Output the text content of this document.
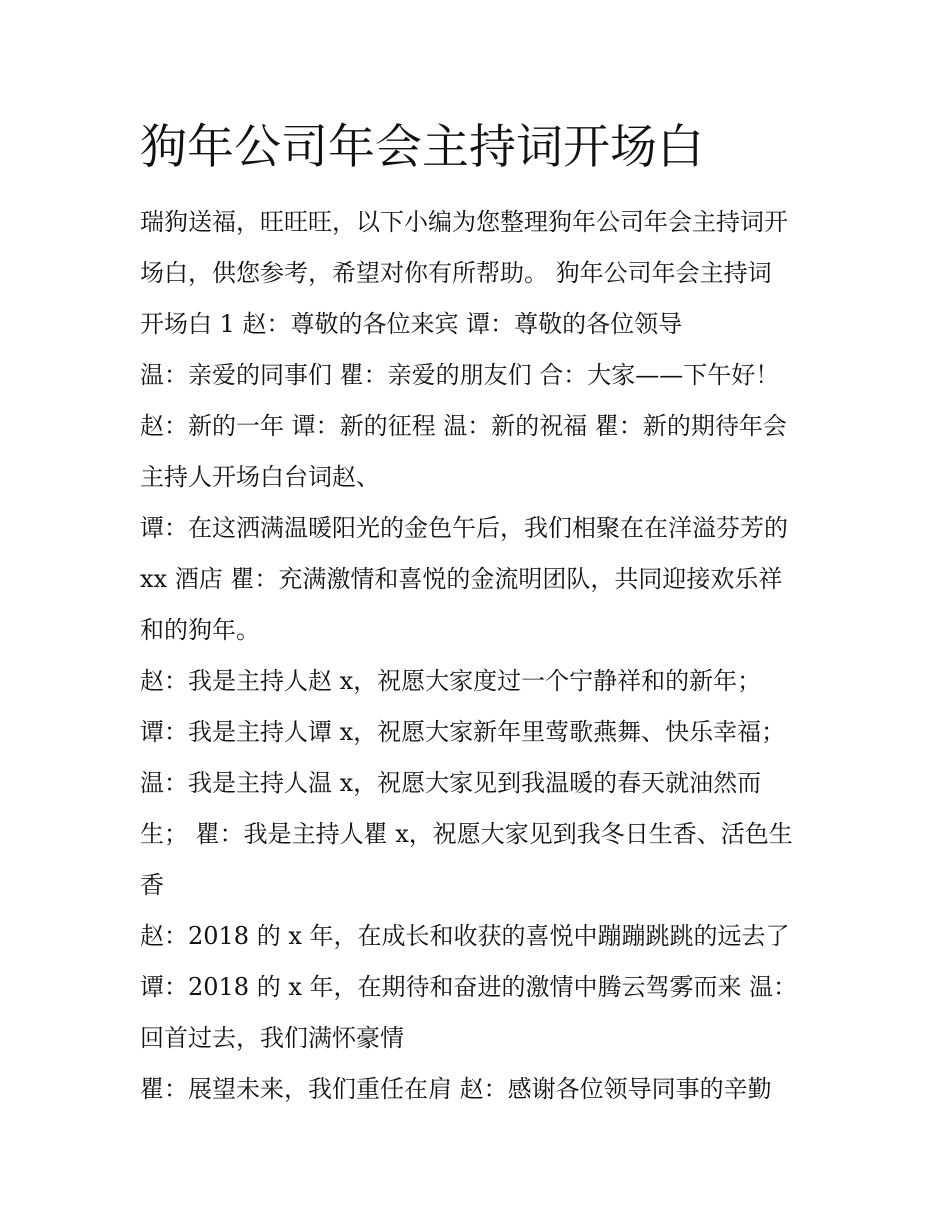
狗年公司年会主持词开场白
瑞狗送福，旺旺旺，以下小编为您整理狗年公司年会主持词开
场白，供您参考，希望对你有所帮助。 狗年公司年会主持词
开场白 1 赵：尊敬的各位来宾 谭：尊敬的各位领导
温：亲爱的同事们 瞿：亲爱的朋友们 合：大家——下午好！
赵：新的一年 谭：新的征程 温：新的祝福 瞿：新的期待年会
主持人开场白台词赵、
谭：在这洒满温暖阳光的金色午后，我们相聚在在洋溢芬芳的
xx 酒店 瞿：充满激情和喜悦的金流明团队，共同迎接欢乐祥
和的狗年。
赵：我是主持人赵 x，祝愿大家度过一个宁静祥和的新年；
谭：我是主持人谭 x，祝愿大家新年里莺歌燕舞、快乐幸福；
温：我是主持人温 x，祝愿大家见到我温暖的春天就油然而
生； 瞿：我是主持人瞿 x，祝愿大家见到我冬日生香、活色生
香
赵：2018 的 x 年，在成长和收获的喜悦中蹦蹦跳跳的远去了
谭：2018 的 x 年，在期待和奋进的激情中腾云驾雾而来 温：
回首过去，我们满怀豪情
瞿：展望未来，我们重任在肩 赵：感谢各位领导同事的辛勤
